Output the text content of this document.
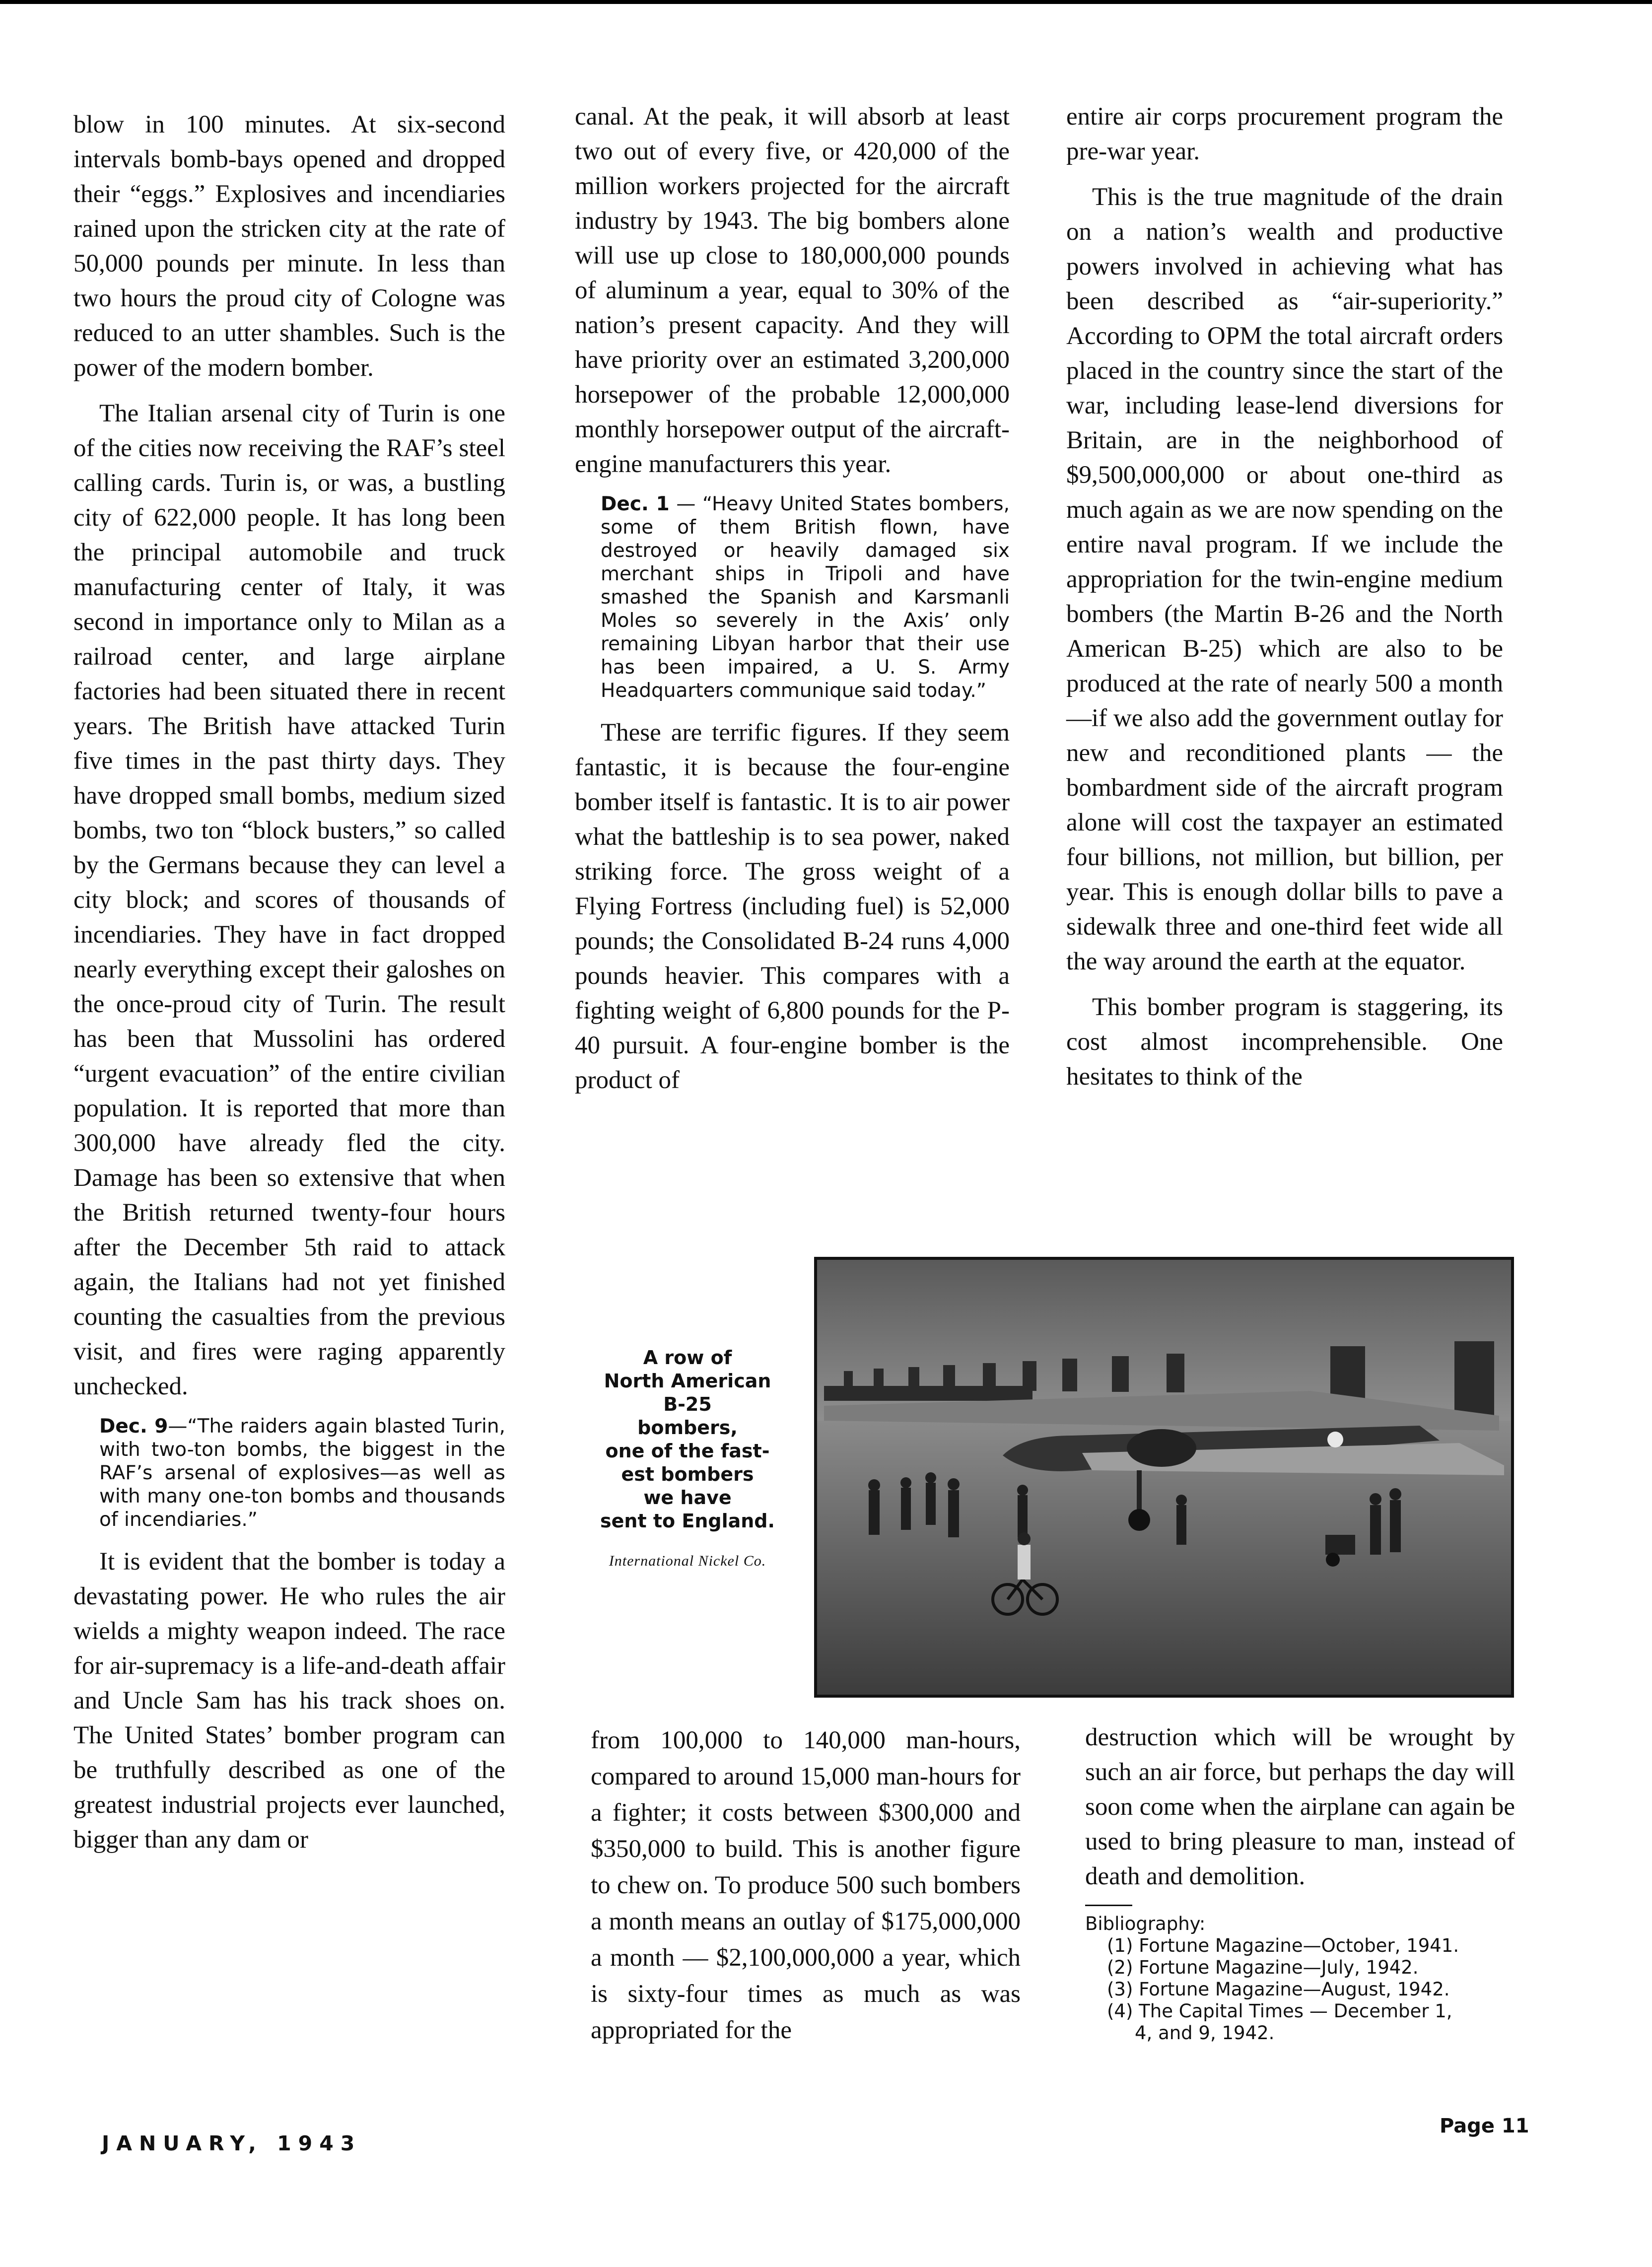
blow in 100 minutes. At six-second intervals bomb-bays opened and dropped their “eggs.” Explosives and incendiaries rained upon the stricken city at the rate of 50,000 pounds per minute. In less than two hours the proud city of Cologne was reduced to an utter shambles. Such is the power of the modern bomber.

The Italian arsenal city of Turin is one of the cities now receiving the RAF’s steel calling cards. Turin is, or was, a bustling city of 622,000 people. It has long been the principal automobile and truck manufacturing center of Italy, it was second in importance only to Milan as a railroad center, and large airplane factories had been situated there in recent years. The British have attacked Turin five times in the past thirty days. They have dropped small bombs, medium sized bombs, two ton “block busters,” so called by the Germans because they can level a city block; and scores of thousands of incendiaries. They have in fact dropped nearly everything except their galoshes on the once-proud city of Turin. The result has been that Mussolini has ordered “urgent evacuation” of the entire civilian population. It is reported that more than 300,000 have already fled the city. Damage has been so extensive that when the British returned twenty-four hours after the December 5th raid to attack again, the Italians had not yet finished counting the casualties from the previous visit, and fires were raging apparently unchecked.

Dec. 9—“The raiders again blasted Turin, with two-ton bombs, the biggest in the RAF’s arsenal of explosives—as well as with many one-ton bombs and thousands of incendiaries.”

It is evident that the bomber is today a devastating power. He who rules the air wields a mighty weapon indeed. The race for air-supremacy is a life-and-death affair and Uncle Sam has his track shoes on. The United States’ bomber program can be truthfully described as one of the greatest industrial projects ever launched, bigger than any dam or

canal. At the peak, it will absorb at least two out of every five, or 420,000 of the million workers projected for the aircraft industry by 1943. The big bombers alone will use up close to 180,000,000 pounds of aluminum a year, equal to 30% of the nation’s present capacity. And they will have priority over an estimated 3,200,000 horsepower of the probable 12,000,000 monthly horsepower output of the aircraft-engine manufacturers this year.

Dec. 1 — “Heavy United States bombers, some of them British flown, have destroyed or heavily damaged six merchant ships in Tripoli and have smashed the Spanish and Karsmanli Moles so severely in the Axis’ only remaining Libyan harbor that their use has been impaired, a U. S. Army Headquarters communique said today.”

These are terrific figures. If they seem fantastic, it is because the four-engine bomber itself is fantastic. It is to air power what the battleship is to sea power, naked striking force. The gross weight of a Flying Fortress (including fuel) is 52,000 pounds; the Consolidated B-24 runs 4,000 pounds heavier. This compares with a fighting weight of 6,800 pounds for the P-40 pursuit. A four-engine bomber is the product of

entire air corps procurement program the pre-war year.

This is the true magnitude of the drain on a nation’s wealth and productive powers involved in achieving what has been described as “air-superiority.” According to OPM the total aircraft orders placed in the country since the start of the war, including lease-lend diversions for Britain, are in the neighborhood of $9,500,000,000 or about one-third as much again as we are now spending on the entire naval program. If we include the appropriation for the twin-engine medium bombers (the Martin B-26 and the North American B-25) which are also to be produced at the rate of nearly 500 a month—if we also add the government outlay for new and reconditioned plants — the bombardment side of the aircraft program alone will cost the taxpayer an estimated four billions, not million, but billion, per year. This is enough dollar bills to pave a sidewalk three and one-third feet wide all the way around the earth at the equator.

This bomber program is staggering, its cost almost incomprehensible. One hesitates to think of the

A row of
North American
B-25
bombers,
one of the fast-
est bombers
we have
sent to England.
International Nickel Co.

from 100,000 to 140,000 man-hours, compared to around 15,000 man-hours for a fighter; it costs between $300,000 and $350,000 to build. This is another figure to chew on. To produce 500 such bombers a month means an outlay of $175,000,000 a month — $2,100,000,000 a year, which is sixty-four times as much as was appropriated for the

destruction which will be wrought by such an air force, but perhaps the day will soon come when the airplane can again be used to bring pleasure to man, instead of death and demolition.

Bibliography:
(1) Fortune Magazine—October, 1941.
(2) Fortune Magazine—July, 1942.
(3) Fortune Magazine—August, 1942.
(4) The Capital Times — December 1,
4, and 9, 1942.
JANUARY, 1943
Page 11
